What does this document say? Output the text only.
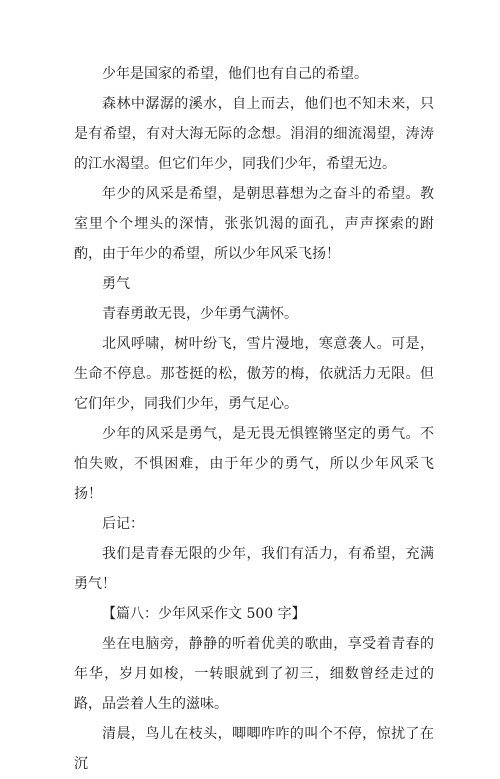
少年是国家的希望，他们也有自己的希望。

森林中潺潺的溪水，自上而去，他们也不知未来，只是有希望，有对大海无际的念想。涓涓的细流渴望，涛涛的江水渴望。但它们年少，同我们少年，希望无边。

年少的风采是希望，是朝思暮想为之奋斗的希望。教室里个个埋头的深情，张张饥渴的面孔，声声探索的跗酌，由于年少的希望，所以少年风采飞扬！

勇气

青春勇敢无畏，少年勇气满怀。

北风呼啸，树叶纷飞，雪片漫地，寒意袭人。可是，生命不停息。那苍挺的松，傲芳的梅，依就活力无限。但它们年少，同我们少年，勇气足心。

少年的风采是勇气，是无畏无惧铿锵坚定的勇气。不怕失败，不惧困难，由于年少的勇气，所以少年风采飞扬！

后记：

我们是青春无限的少年，我们有活力，有希望，充满勇气！

【篇八：少年风采作文 500 字】

坐在电脑旁，静静的听着优美的歌曲，享受着青春的年华，岁月如梭，一转眼就到了初三，细数曾经走过的路，品尝着人生的滋味。

清晨，鸟儿在枝头，唧唧咋咋的叫个不停，惊扰了在沉
